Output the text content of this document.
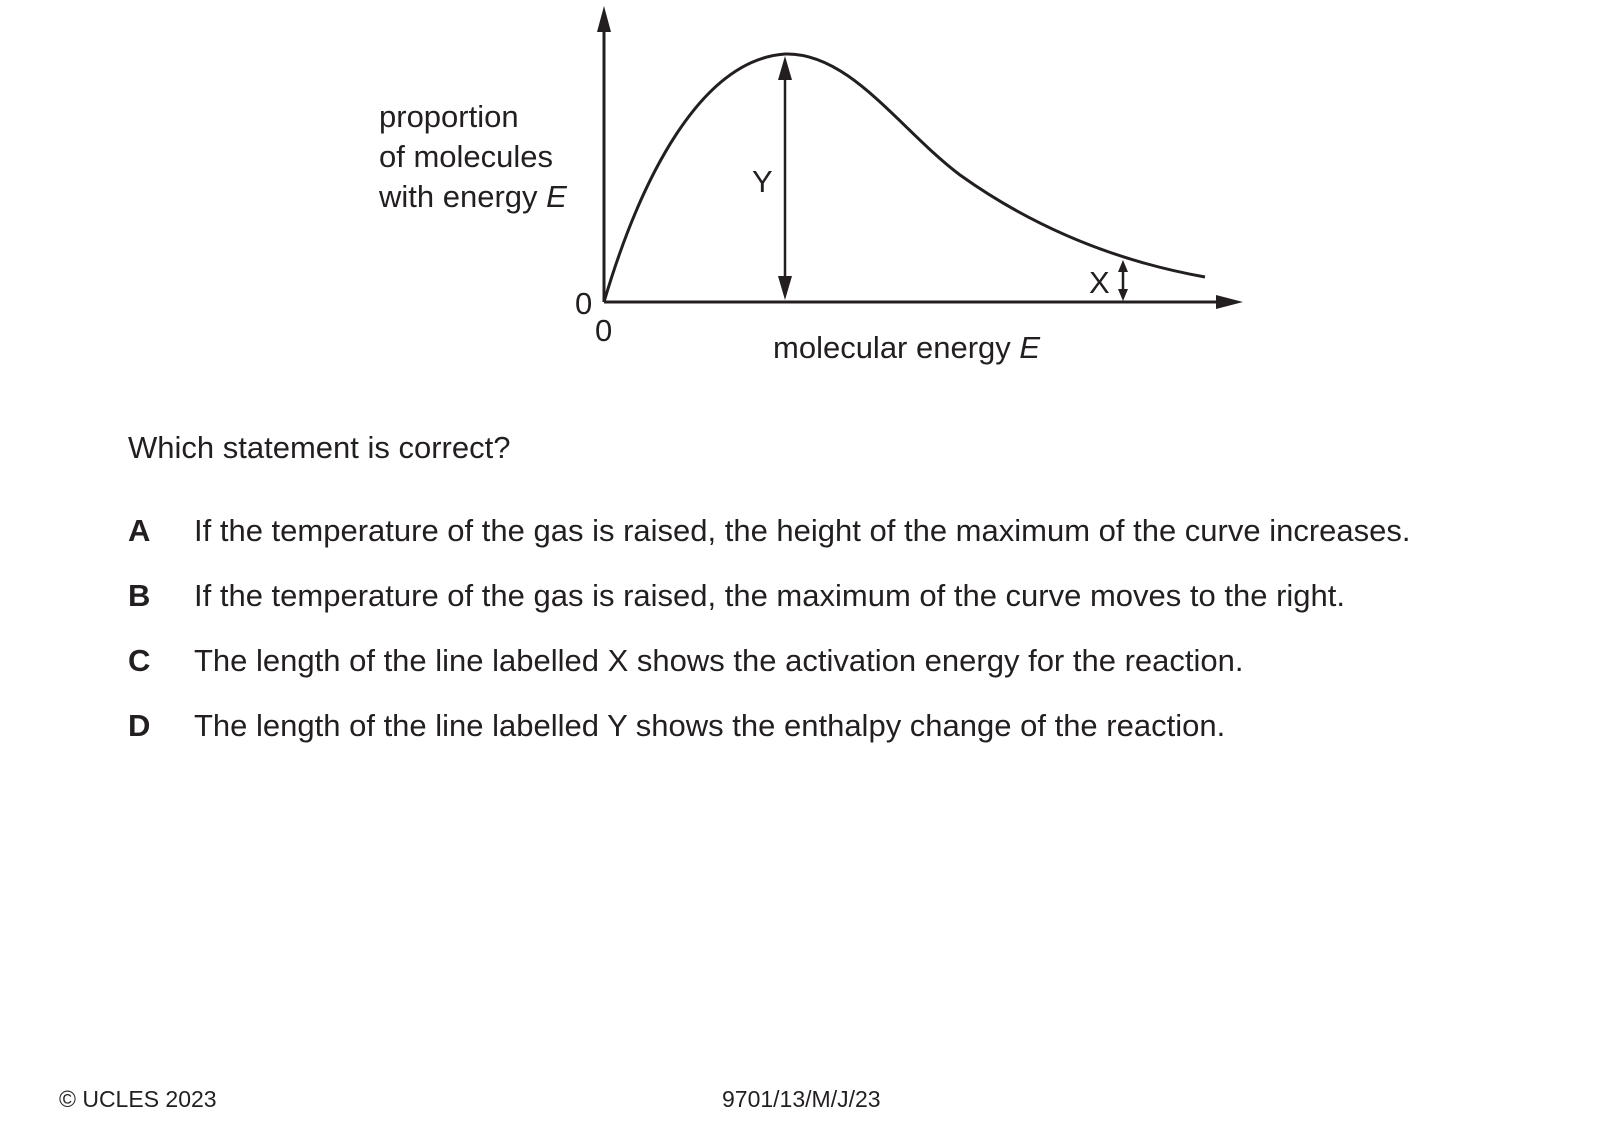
proportion
of molecules
with energy E
0
0	molecular energy E
Y
X
Which statement is correct?
A If the temperature of the gas is raised, the height of the maximum of the curve increases.
B If the temperature of the gas is raised, the maximum of the curve moves to the right.
C The length of the line labelled X shows the activation energy for the reaction.
D The length of the line labelled Y shows the enthalpy change of the reaction.
© UCLES 2023	9701/13/M/J/23
